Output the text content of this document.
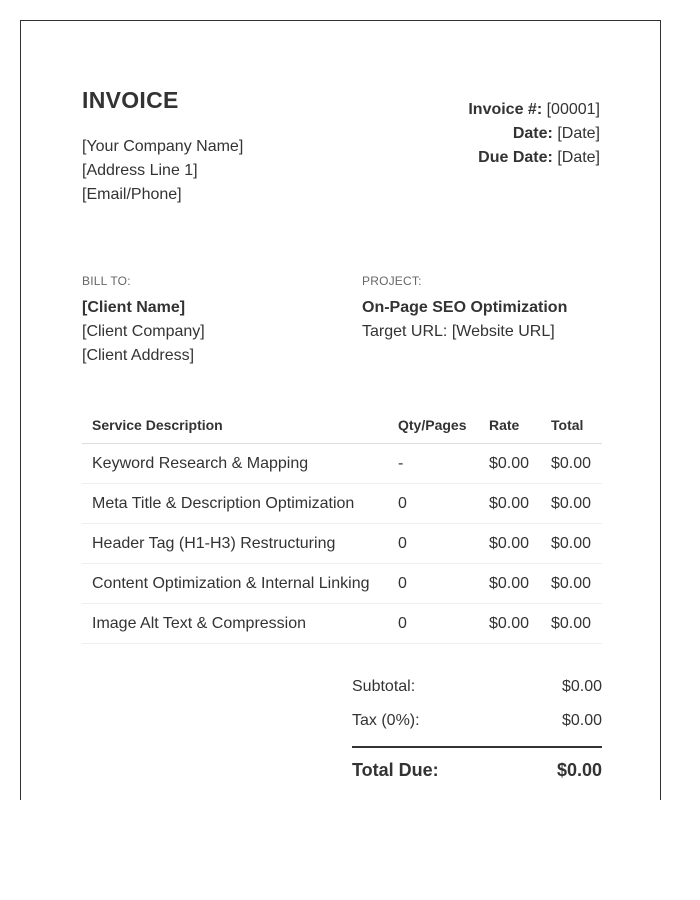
INVOICE
[Your Company Name]
[Address Line 1]
[Email/Phone]
Invoice #: [00001]
Date: [Date]
Due Date: [Date]
BILL TO:
[Client Name]
[Client Company]
[Client Address]
PROJECT:
On-Page SEO Optimization
Target URL: [Website URL]
Service Description	Qty/Pages	Rate	Total
Keyword Research & Mapping	-	$0.00	$0.00
Meta Title & Description Optimization	0	$0.00	$0.00
Header Tag (H1-H3) Restructuring	0	$0.00	$0.00
Content Optimization & Internal Linking	0	$0.00	$0.00
Image Alt Text & Compression	0	$0.00	$0.00
Subtotal:	$0.00
Tax (0%):	$0.00
Total Due:	$0.00
